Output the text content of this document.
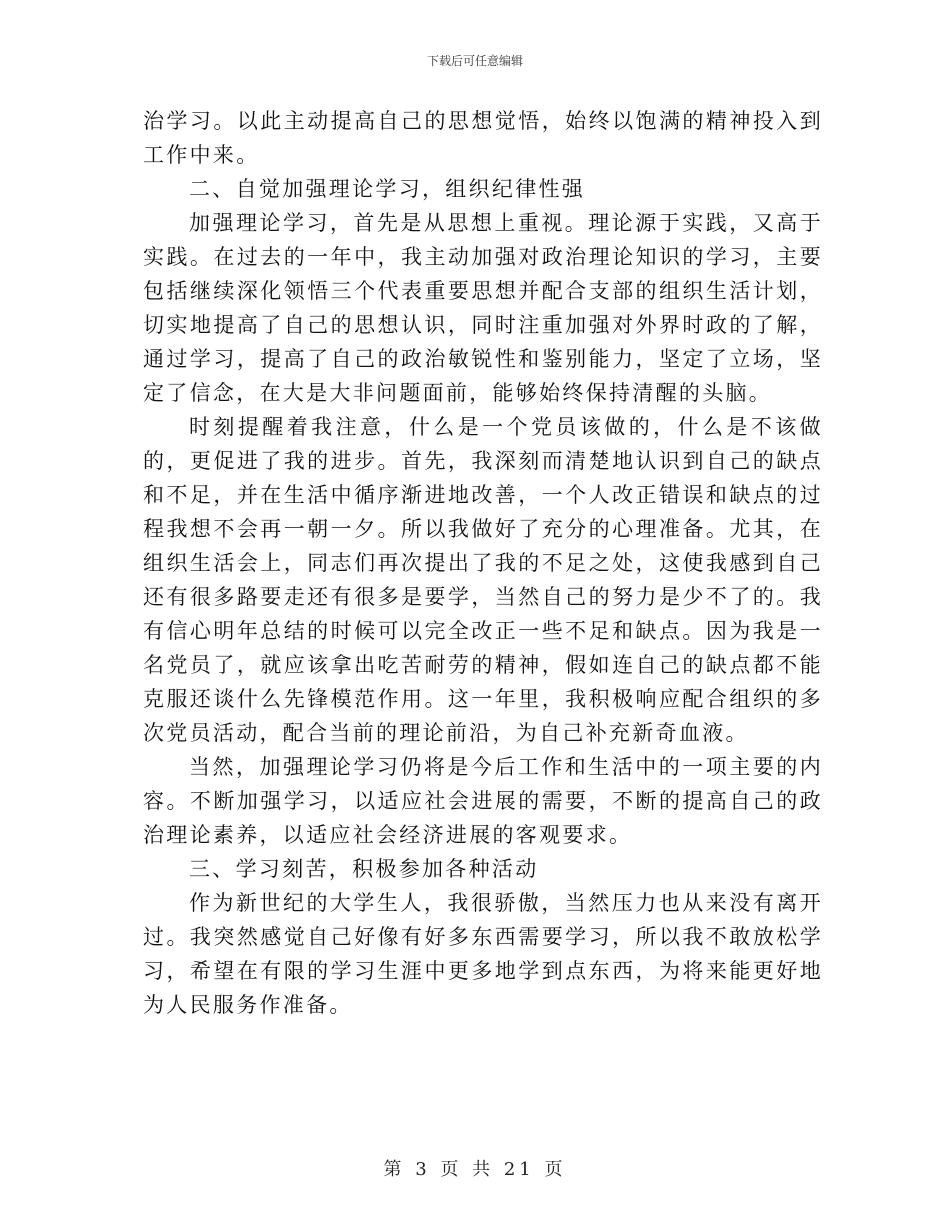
下载后可任意编辑

治学习。以此主动提高自己的思想觉悟，始终以饱满的精神投入到工作中来。

二、自觉加强理论学习，组织纪律性强

加强理论学习，首先是从思想上重视。理论源于实践，又高于实践。在过去的一年中，我主动加强对政治理论知识的学习，主要包括继续深化领悟三个代表重要思想并配合支部的组织生活计划，切实地提高了自己的思想认识，同时注重加强对外界时政的了解，通过学习，提高了自己的政治敏锐性和鉴别能力，坚定了立场，坚定了信念，在大是大非问题面前，能够始终保持清醒的头脑。

时刻提醒着我注意，什么是一个党员该做的，什么是不该做的，更促进了我的进步。首先，我深刻而清楚地认识到自己的缺点和不足，并在生活中循序渐进地改善，一个人改正错误和缺点的过程我想不会再一朝一夕。所以我做好了充分的心理准备。尤其，在组织生活会上，同志们再次提出了我的不足之处，这使我感到自己还有很多路要走还有很多是要学，当然自己的努力是少不了的。我有信心明年总结的时候可以完全改正一些不足和缺点。因为我是一名党员了，就应该拿出吃苦耐劳的精神，假如连自己的缺点都不能克服还谈什么先锋模范作用。这一年里，我积极响应配合组织的多次党员活动，配合当前的理论前沿，为自己补充新奇血液。

当然，加强理论学习仍将是今后工作和生活中的一项主要的内容。不断加强学习，以适应社会进展的需要，不断的提高自己的政治理论素养，以适应社会经济进展的客观要求。

三、学习刻苦，积极参加各种活动

作为新世纪的大学生人，我很骄傲，当然压力也从来没有离开过。我突然感觉自己好像有好多东西需要学习，所以我不敢放松学习，希望在有限的学习生涯中更多地学到点东西，为将来能更好地为人民服务作准备。

第 3 页 共 21 页
